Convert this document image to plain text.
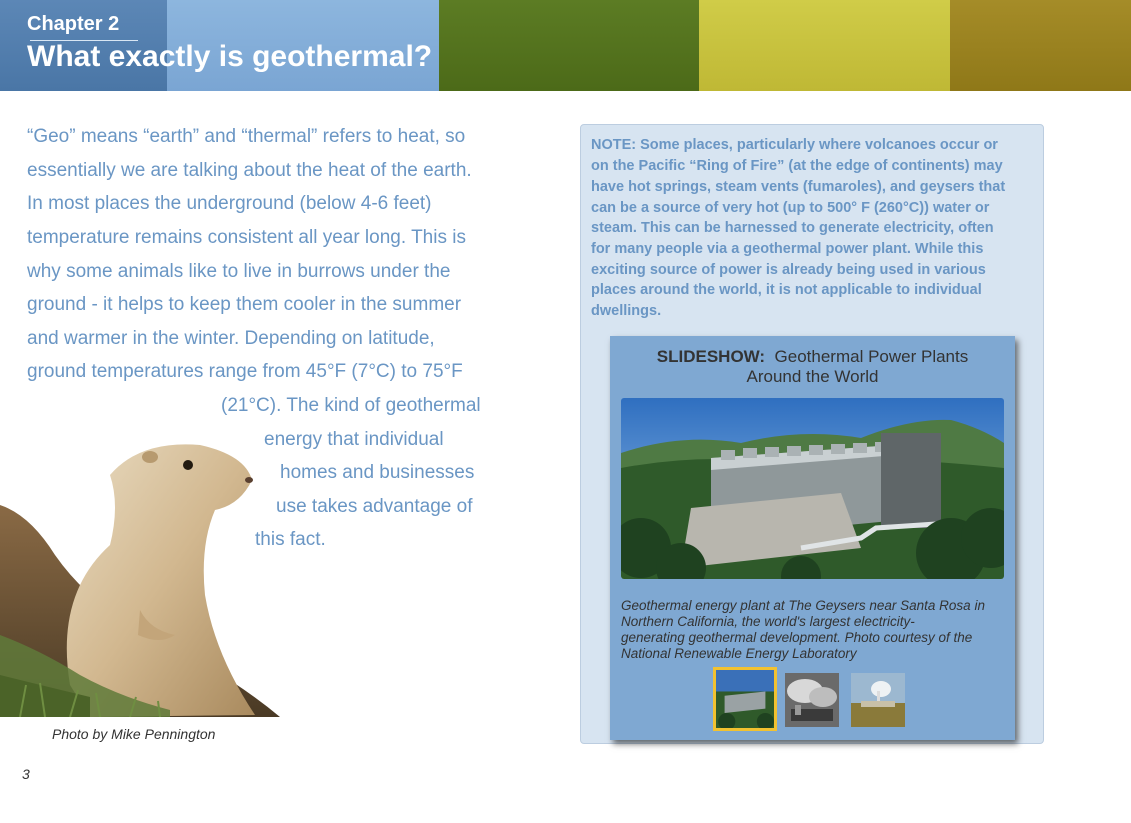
Chapter 2
What exactly is geothermal?
“Geo” means “earth” and “thermal” refers to heat, so
essentially we are talking about the heat of the earth.
In most places the underground (below 4-6 feet)
temperature remains consistent all year long. This is
why some animals like to live in burrows under the
ground - it helps to keep them cooler in the summer
and warmer in the winter. Depending on latitude,
ground temperatures range from 45°F (7°C) to 75°F
(21°C). The kind of geothermal
energy that individual
homes and businesses
use takes advantage of
this fact.
Photo by Mike Pennington
3
NOTE: Some places, particularly where volcanoes occur or
on the Pacific “Ring of Fire” (at the edge of continents) may
have hot springs, steam vents (fumaroles), and geysers that
can be a source of very hot (up to 500° F (260°C)) water or
steam. This can be harnessed to generate electricity, often
for many people via a geothermal power plant. While this
exciting source of power is already being used in various
places around the world, it is not applicable to individual
dwellings.
SLIDESHOW: Geothermal Power Plants
Around the World
Geothermal energy plant at The Geysers near Santa Rosa in
Northern California, the world's largest electricity-
generating geothermal development. Photo courtesy of the
National Renewable Energy Laboratory
